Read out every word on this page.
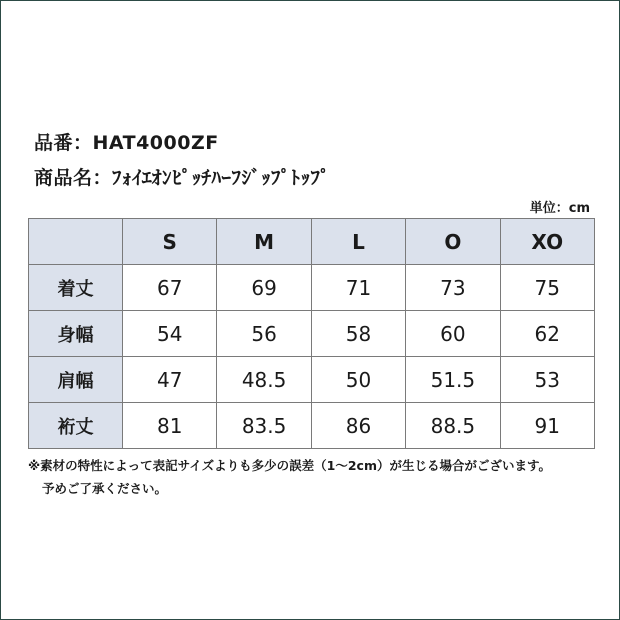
品番：HAT4000ZF
商品名：ﾌｫｲｴｵﾝﾋﾟｯﾁﾊｰﾌｼﾞｯﾌﾟﾄｯﾌﾟ
単位：cm
	S	M	L	O	XO
着丈	67	69	71	73	75
身幅	54	56	58	60	62
肩幅	47	48.5	50	51.5	53
裄丈	81	83.5	86	88.5	91
※素材の特性によって表記サイズよりも多少の誤差（1～2cm）が生じる場合がございます。
予めご了承ください。
